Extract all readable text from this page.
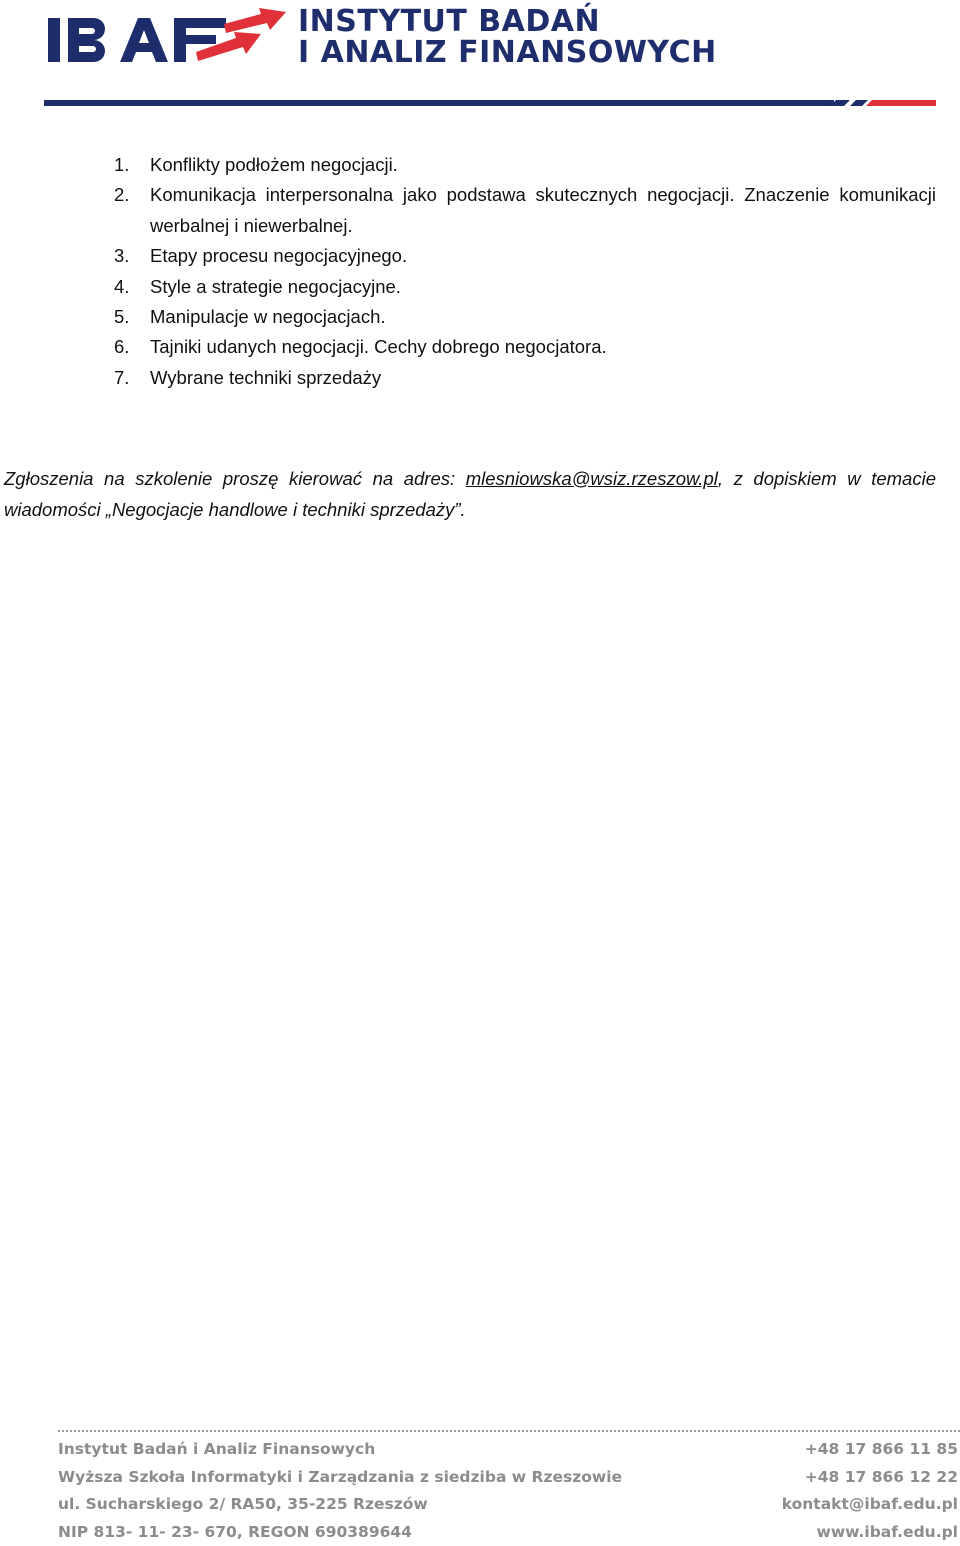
INSTYTUT BADAŃ
I ANALIZ FINANSOWYCH
1. Konflikty podłożem negocjacji.
2. Komunikacja interpersonalna jako podstawa skutecznych negocjacji. Znaczenie komunikacji werbalnej i niewerbalnej.
3. Etapy procesu negocjacyjnego.
4. Style a strategie negocjacyjne.
5. Manipulacje w negocjacjach.
6. Tajniki udanych negocjacji. Cechy dobrego negocjatora.
7. Wybrane techniki sprzedaży

Zgłoszenia na szkolenie proszę kierować na adres: mlesniowska@wsiz.rzeszow.pl, z dopiskiem w temacie wiadomości „Negocjacje handlowe i techniki sprzedaży”.

Instytut Badań i Analiz Finansowych
Wyższa Szkoła Informatyki i Zarządzania z siedziba w Rzeszowie
ul. Sucharskiego 2/ RA50, 35-225 Rzeszów
NIP 813- 11- 23- 670, REGON 690389644
+48 17 866 11 85
+48 17 866 12 22
kontakt@ibaf.edu.pl
www.ibaf.edu.pl
